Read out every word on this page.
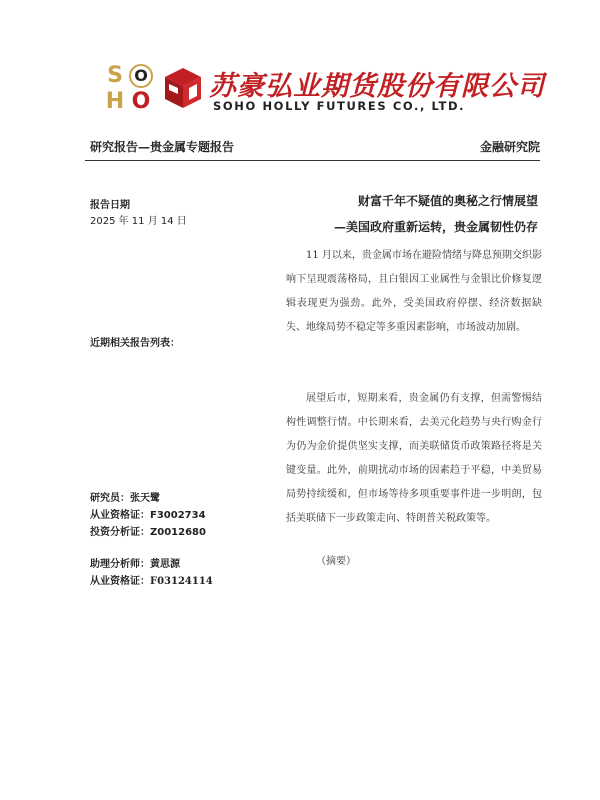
S O
H O 苏豪弘业期货股份有限公司
SOHO HOLLY FUTURES CO., LTD.
研究报告—贵金属专题报告	金融研究院
报告日期
2025 年 11 月 14 日
近期相关报告列表：
研究员：张天鹭
从业资格证：F3002734
投资分析证：Z0012680
助理分析师：黄思源
从业资格证：F03124114
财富千年不疑值的奥秘之行情展望
—美国政府重新运转，贵金属韧性仍存

11 月以来，贵金属市场在避险情绪与降息预期交织影响下呈现震荡格局，且白银因工业属性与金银比价修复逻辑表现更为强劲。此外，受美国政府停摆、经济数据缺失、地缘局势不稳定等多重因素影响，市场波动加剧。

展望后市，短期来看，贵金属仍有支撑，但需警惕结构性调整行情。中长期来看，去美元化趋势与央行购金行为仍为金价提供坚实支撑，而美联储货币政策路径将是关键变量。此外，前期扰动市场的因素趋于平稳，中美贸易局势持续缓和，但市场等待多项重要事件进一步明朗，包括美联储下一步政策走向、特朗普关税政策等。

（摘要）
